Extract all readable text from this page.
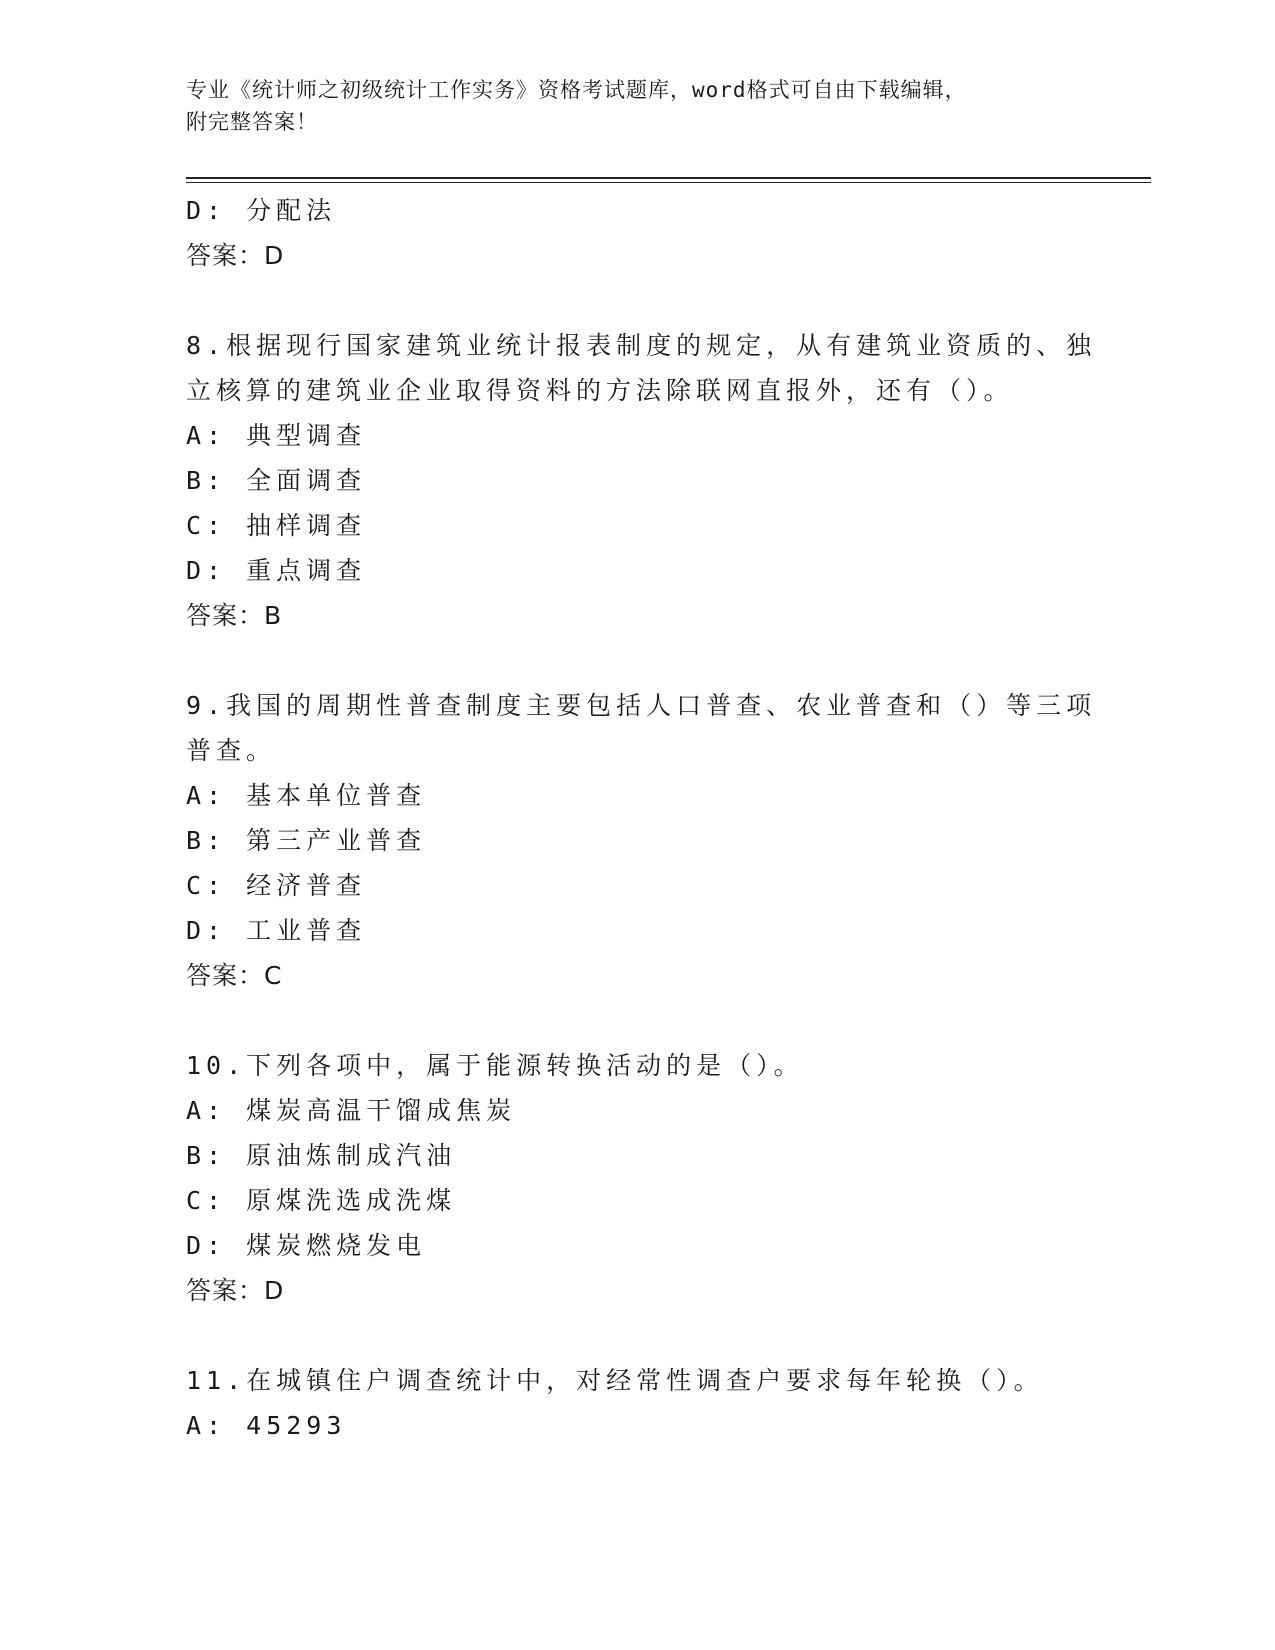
专业《统计师之初级统计工作实务》资格考试题库，word格式可自由下载编辑，
附完整答案！
D: 分配法
答案：D
8.根据现行国家建筑业统计报表制度的规定，从有建筑业资质的、独
立核算的建筑业企业取得资料的方法除联网直报外，还有（）。
A: 典型调查
B: 全面调查
C: 抽样调查
D: 重点调查
答案：B
9.我国的周期性普查制度主要包括人口普查、农业普查和（）等三项
普查。
A: 基本单位普查
B: 第三产业普查
C: 经济普查
D: 工业普查
答案：C
10.下列各项中，属于能源转换活动的是（）。
A: 煤炭高温干馏成焦炭
B: 原油炼制成汽油
C: 原煤洗选成洗煤
D: 煤炭燃烧发电
答案：D
11.在城镇住户调查统计中，对经常性调查户要求每年轮换（）。
A: 45293
